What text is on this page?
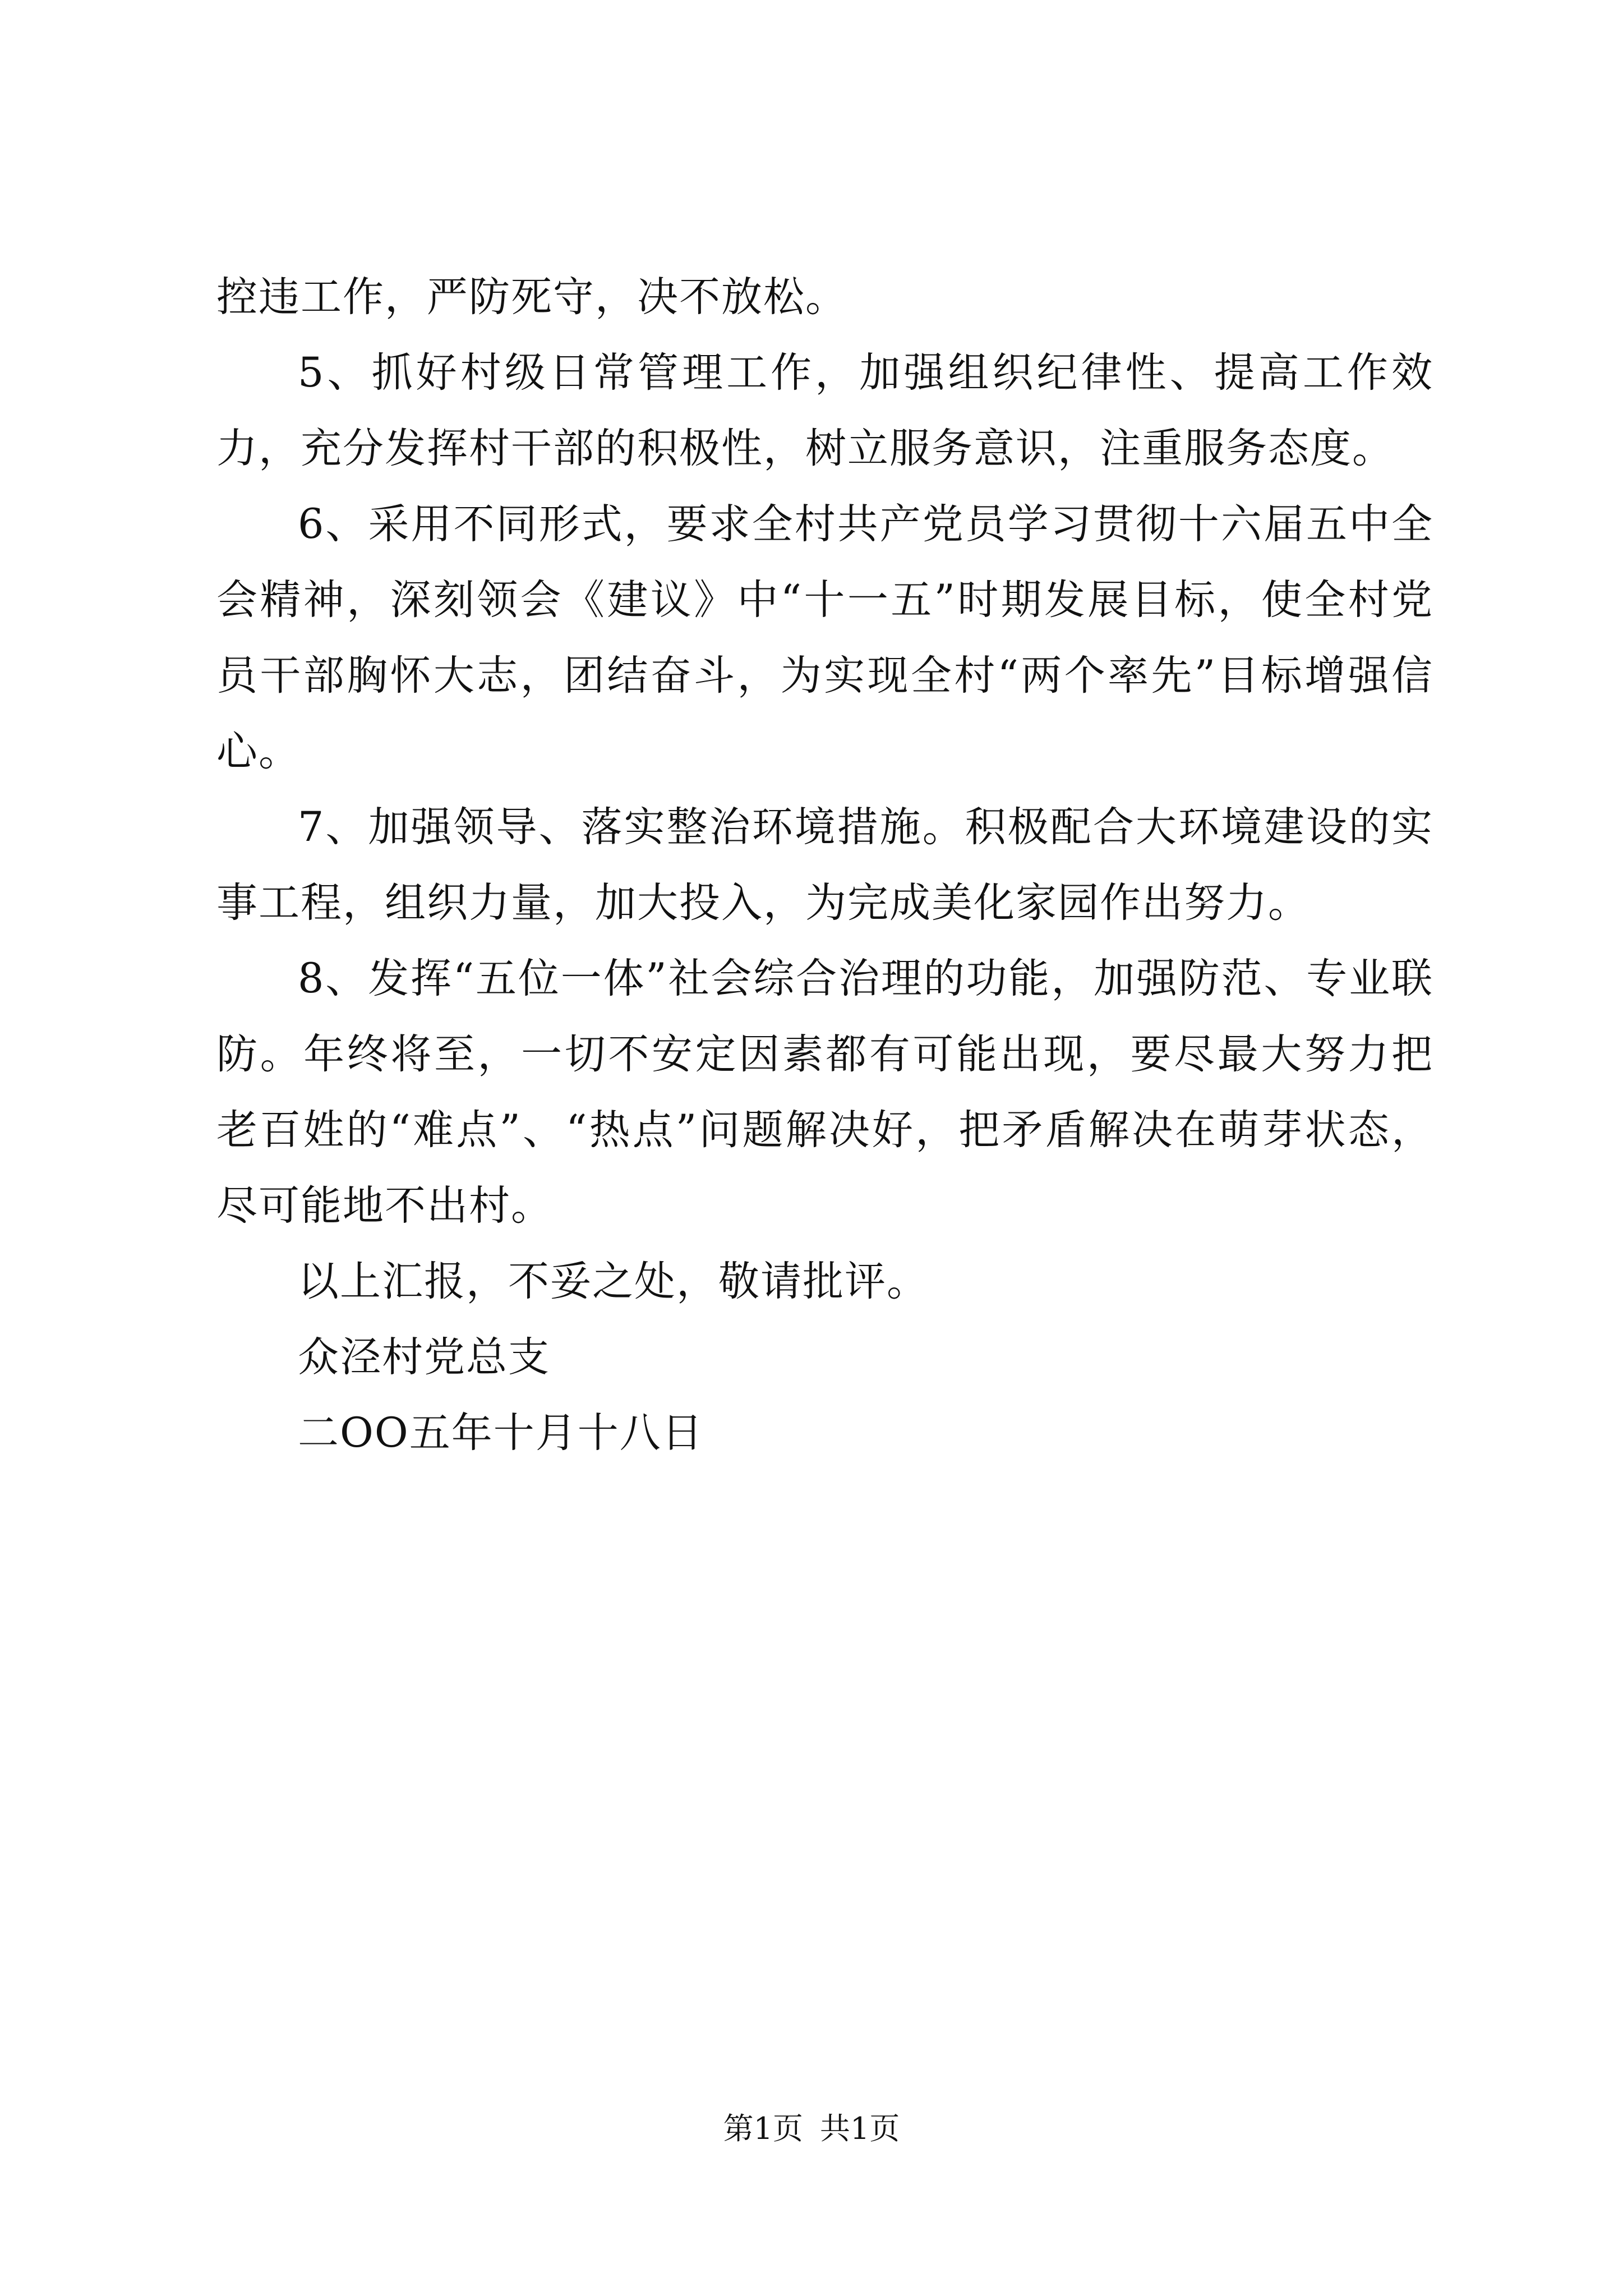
控违工作，严防死守，决不放松。

5、抓好村级日常管理工作，加强组织纪律性、提高工作效力，充分发挥村干部的积极性，树立服务意识，注重服务态度。

6、采用不同形式，要求全村共产党员学习贯彻十六届五中全会精神，深刻领会《建议》中“十一五”时期发展目标，使全村党员干部胸怀大志，团结奋斗，为实现全村“两个率先”目标增强信心。

7、加强领导、落实整治环境措施。积极配合大环境建设的实事工程，组织力量，加大投入，为完成美化家园作出努力。

8、发挥“五位一体”社会综合治理的功能，加强防范、专业联防。年终将至，一切不安定因素都有可能出现，要尽最大努力把老百姓的“难点”、“热点”问题解决好，把矛盾解决在萌芽状态，尽可能地不出村。

以上汇报，不妥之处，敬请批评。

众泾村党总支

二OO五年十月十八日

第1页 共1页
